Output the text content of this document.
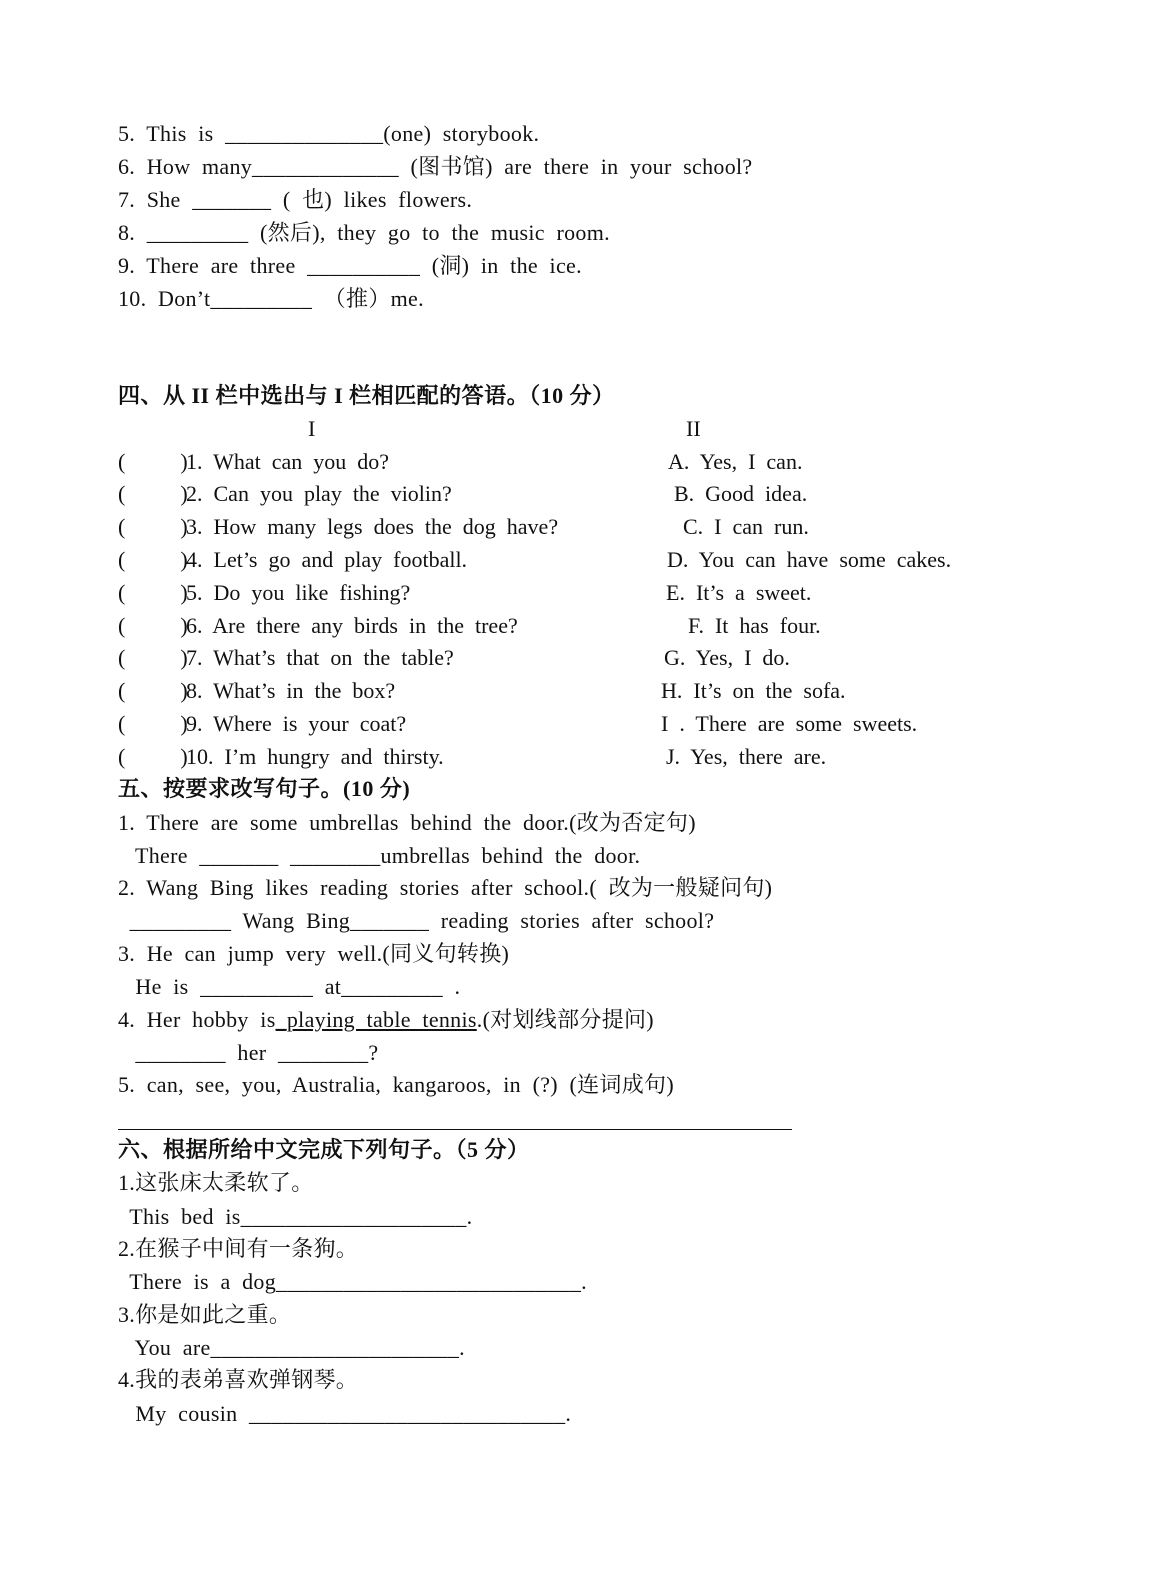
5.  This  is  ______________(one)  storybook.
6.  How  many_____________  (图书馆)  are  there  in  your  school?
7.  She  _______  (  也)  likes  flowers.
8.  _________  (然后),  they  go  to  the  music  room.
9.  There  are  three  __________  (洞)  in  the  ice.
10.  Don’t_________  （推）me.
四、从 II 栏中选出与 I 栏相匹配的答语。（10 分）
I	II
(          )
1.  What  can  you  do?	A.  Yes,  I  can.
(          )
2.  Can  you  play  the  violin?	B.  Good  idea.
(          )
3.  How  many  legs  does  the  dog  have?	C.  I  can  run.
(          )
4.  Let’s  go  and  play  football.	D.  You  can  have  some  cakes.
(          )
5.  Do  you  like  fishing?	E.  It’s  a  sweet.
(          )
6.  Are  there  any  birds  in  the  tree?	F.  It  has  four.
(          )
7.  What’s  that  on  the  table?	G.  Yes,  I  do.
(          )
8.  What’s  in  the  box?	H.  It’s  on  the  sofa.
(          )
9.  Where  is  your  coat?	I  .  There  are  some  sweets.
(          )
10.  I’m  hungry  and  thirsty.	J.  Yes,  there  are.
五、按要求改写句子。(10 分)
1.  There  are  some  umbrellas  behind  the  door.(改为否定句)
There  _______  ________umbrellas  behind  the  door.
2.  Wang  Bing  likes  reading  stories  after  school.(  改为一般疑问句)
_________  Wang  Bing_______  reading  stories  after  school?
3.  He  can  jump  very  well.(同义句转换)
He  is  __________  at_________  .
4.  Her  hobby  is_playing  table  tennis.(对划线部分提问)
________  her  ________?
5.  can,  see,  you,  Australia,  kangaroos,  in  (?)  (连词成句)
六、根据所给中文完成下列句子。（5 分）
1.这张床太柔软了。
This  bed  is____________________.
2.在猴子中间有一条狗。
There  is  a  dog___________________________.
3.你是如此之重。
You  are______________________.
4.我的表弟喜欢弹钢琴。
My  cousin  ____________________________.
